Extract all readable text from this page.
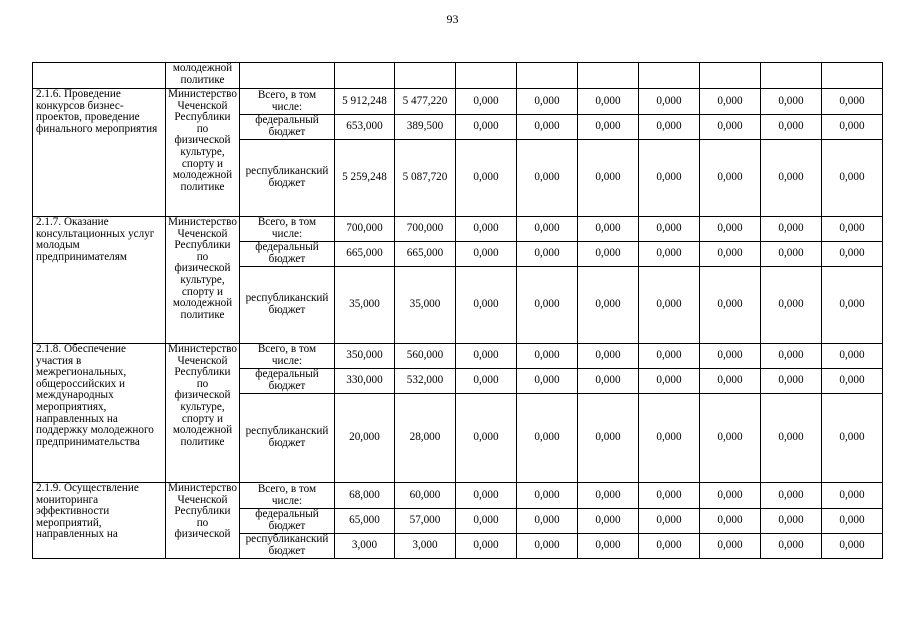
93
	молодежной политике										
2.1.6. Проведение конкурсов бизнес-проектов, проведение финального мероприятия	Министерство Чеченской Республики по физической культуре, спорту и молодежной политике	Всего, в том числе:	5 912,248	5 477,220	0,000	0,000	0,000	0,000	0,000	0,000	0,000
		федеральный бюджет	653,000	389,500	0,000	0,000	0,000	0,000	0,000	0,000	0,000
		республиканский бюджет	5 259,248	5 087,720	0,000	0,000	0,000	0,000	0,000	0,000	0,000
2.1.7. Оказание консультационных услуг молодым предпринимателям	Министерство Чеченской Республики по физической культуре, спорту и молодежной политике	Всего, в том числе:	700,000	700,000	0,000	0,000	0,000	0,000	0,000	0,000	0,000
		федеральный бюджет	665,000	665,000	0,000	0,000	0,000	0,000	0,000	0,000	0,000
		республиканский бюджет	35,000	35,000	0,000	0,000	0,000	0,000	0,000	0,000	0,000
2.1.8. Обеспечение участия в межрегиональных, общероссийских и международных мероприятиях, направленных на поддержку молодежного предпринимательства	Министерство Чеченской Республики по физической культуре, спорту и молодежной политике	Всего, в том числе:	350,000	560,000	0,000	0,000	0,000	0,000	0,000	0,000	0,000
		федеральный бюджет	330,000	532,000	0,000	0,000	0,000	0,000	0,000	0,000	0,000
		республиканский бюджет	20,000	28,000	0,000	0,000	0,000	0,000	0,000	0,000	0,000
2.1.9. Осуществление мониторинга эффективности мероприятий, направленных на	Министерство Чеченской Республики по физической	Всего, в том числе:	68,000	60,000	0,000	0,000	0,000	0,000	0,000	0,000	0,000
		федеральный бюджет	65,000	57,000	0,000	0,000	0,000	0,000	0,000	0,000	0,000
		республиканский бюджет	3,000	3,000	0,000	0,000	0,000	0,000	0,000	0,000	0,000
